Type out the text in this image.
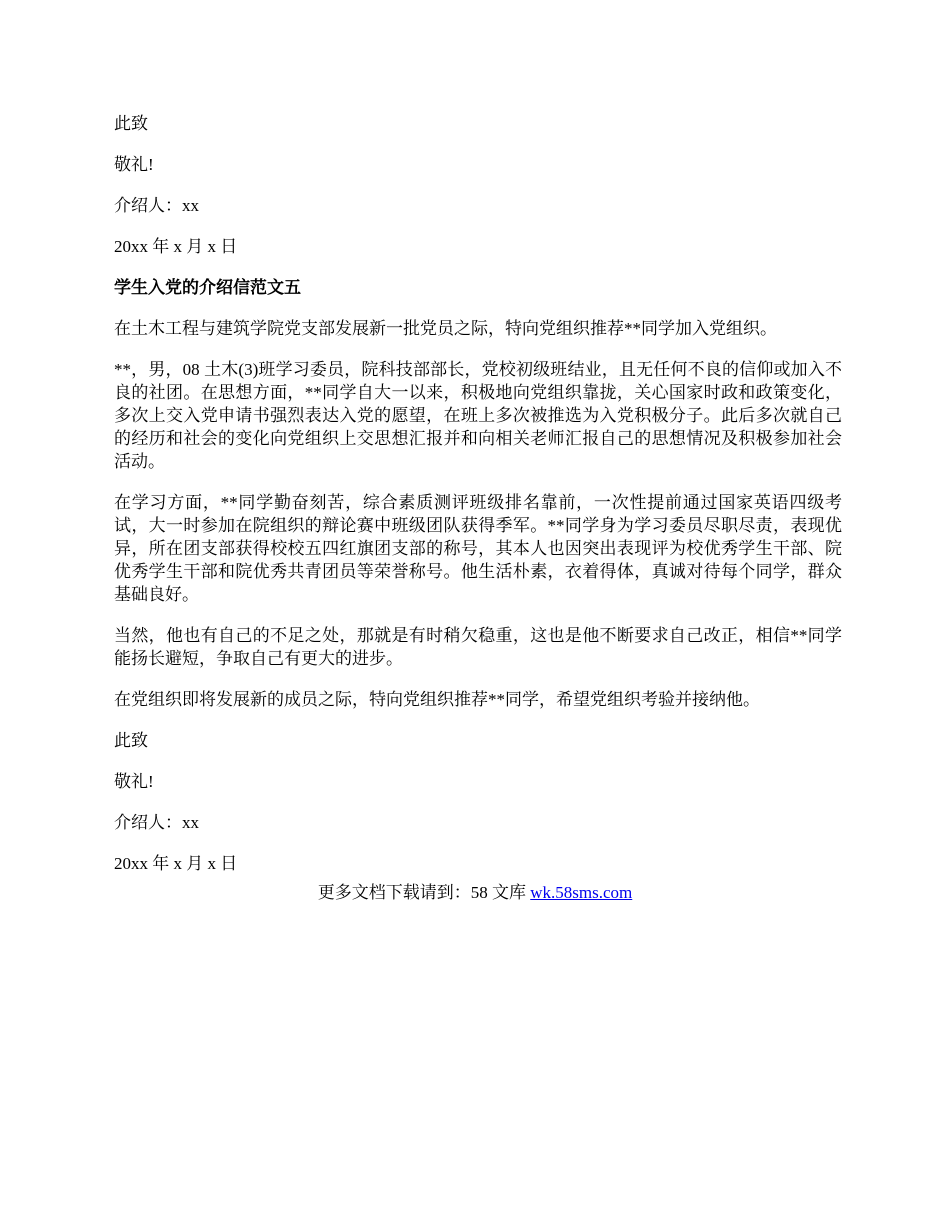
此致

敬礼!

介绍人：xx

20xx 年 x 月 x 日

学生入党的介绍信范文五

在土木工程与建筑学院党支部发展新一批党员之际，特向党组织推荐**同学加入党组织。

**，男，08 土木(3)班学习委员，院科技部部长，党校初级班结业，且无任何不良的信仰或加入不良的社团。在思想方面，**同学自大一以来，积极地向党组织靠拢，关心国家时政和政策变化，多次上交入党申请书强烈表达入党的愿望，在班上多次被推选为入党积极分子。此后多次就自己的经历和社会的变化向党组织上交思想汇报并和向相关老师汇报自己的思想情况及积极参加社会活动。

在学习方面，**同学勤奋刻苦，综合素质测评班级排名靠前，一次性提前通过国家英语四级考试，大一时参加在院组织的辩论赛中班级团队获得季军。**同学身为学习委员尽职尽责，表现优异，所在团支部获得校校五四红旗团支部的称号，其本人也因突出表现评为校优秀学生干部、院优秀学生干部和院优秀共青团员等荣誉称号。他生活朴素，衣着得体，真诚对待每个同学，群众基础良好。

当然，他也有自己的不足之处，那就是有时稍欠稳重，这也是他不断要求自己改正，相信**同学能扬长避短，争取自己有更大的进步。

在党组织即将发展新的成员之际，特向党组织推荐**同学，希望党组织考验并接纳他。

此致

敬礼!

介绍人：xx

20xx 年 x 月 x 日

更多文档下载请到：58 文库 wk.58sms.com
